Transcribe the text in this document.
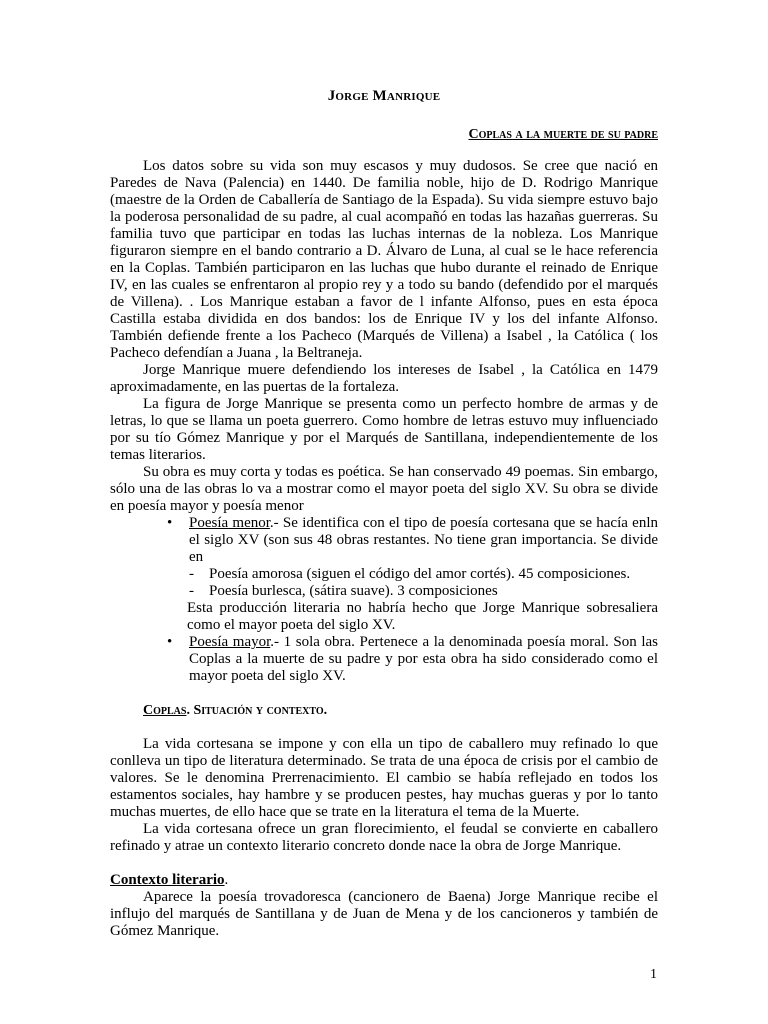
Jorge Manrique
Coplas a la muerte de su padre

Los datos sobre su vida son muy escasos y muy dudosos. Se cree que nació en Paredes de Nava (Palencia) en 1440. De familia noble, hijo de D. Rodrigo Manrique (maestre de la Orden de Caballería de Santiago de la Espada). Su vida siempre estuvo bajo la poderosa personalidad de su padre, al cual acompañó en todas las hazañas guerreras. Su familia tuvo que participar en todas las luchas internas de la nobleza. Los Manrique figuraron siempre en el bando contrario a D. Álvaro de Luna, al cual se le hace referencia en la Coplas. También participaron en las luchas que hubo durante el reinado de Enrique IV, en las cuales se enfrentaron al propio rey y a todo su bando (defendido por el marqués de Villena). . Los Manrique estaban a favor de l infante Alfonso, pues en esta época Castilla estaba dividida en dos bandos: los de Enrique IV y los del infante Alfonso. También defiende frente a los Pacheco (Marqués de Villena) a Isabel , la Católica ( los Pacheco defendían a Juana , la Beltraneja.

Jorge Manrique muere defendiendo los intereses de Isabel , la Católica en 1479 aproximadamente, en las puertas de la fortaleza.

La figura de Jorge Manrique se presenta como un perfecto hombre de armas y de letras, lo que se llama un poeta guerrero. Como hombre de letras estuvo muy influenciado por su tío Gómez Manrique y por el Marqués de Santillana, independientemente de los temas literarios.

Su obra es muy corta y todas es poética. Se han conservado 49 poemas. Sin embargo, sólo una de las obras lo va a mostrar como el mayor poeta del siglo XV. Su obra se divide en poesía mayor y poesía menor

• Poesía menor.- Se identifica con el tipo de poesía cortesana que se hacía enln el siglo XV (son sus 48 obras restantes. No tiene gran importancia. Se divide en
- Poesía amorosa (siguen el código del amor cortés). 45 composiciones.
- Poesía burlesca, (sátira suave). 3 composiciones
Esta producción literaria no habría hecho que Jorge Manrique sobresaliera como el mayor poeta del siglo XV.
• Poesía mayor.- 1 sola obra. Pertenece a la denominada poesía moral. Son las Coplas a la muerte de su padre y por esta obra ha sido considerado como el mayor poeta del siglo XV.
Coplas. Situación y contexto.

La vida cortesana se impone y con ella un tipo de caballero muy refinado lo que conlleva un tipo de literatura determinado. Se trata de una época de crisis por el cambio de valores. Se le denomina Prerrenacimiento. El cambio se había reflejado en todos los estamentos sociales, hay hambre y se producen pestes, hay muchas gueras y por lo tanto muchas muertes, de ello hace que se trate en la literatura el tema de la Muerte.

La vida cortesana ofrece un gran florecimiento, el feudal se convierte en caballero refinado y atrae un contexto literario concreto donde nace la obra de Jorge Manrique.

Contexto literario.

Aparece la poesía trovadoresca (cancionero de Baena) Jorge Manrique recibe el influjo del marqués de Santillana y de Juan de Mena y de los cancioneros y también de Gómez Manrique.

1
